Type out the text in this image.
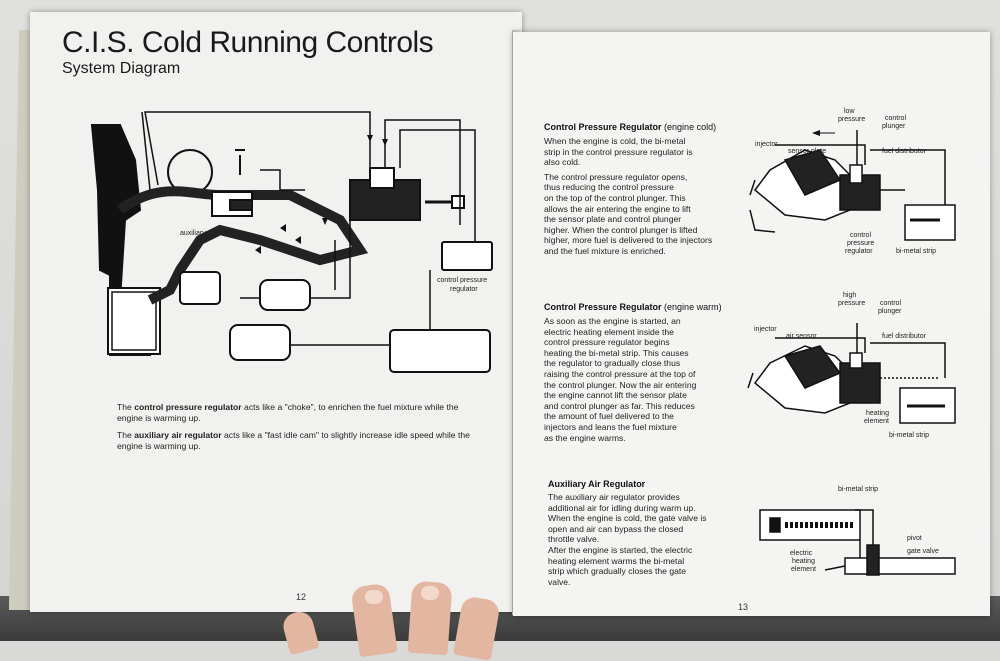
C.I.S. Cold Running Controls
System Diagram
auxiliary air regulator
control pressure
regulator
The control pressure regulator acts like a "choke", to enrichen the fuel mixture while the engine is warming up.
The auxiliary air regulator acts like a "fast idle cam" to slightly increase idle speed while the engine is warming up.
12
Control Pressure Regulator (engine cold)
When the engine is cold, the bi-metal
strip in the control pressure regulator is
also cold.
The control pressure regulator opens,
thus reducing the control pressure
on the top of the control plunger. This
allows the air entering the engine to lift
the sensor plate and control plunger
higher. When the control plunger is lifted
higher, more fuel is delivered to the injectors
and the fuel mixture is enriched.
low
pressure	control
plunger
injector
sensor plate	fuel distributor
control
pressure
regulator	bi-metal strip
Control Pressure Regulator (engine warm)
As soon as the engine is started, an
electric heating element inside the
control pressure regulator begins
heating the bi-metal strip. This causes
the regulator to gradually close thus
raising the control pressure at the top of
the control plunger. Now the air entering
the engine cannot lift the sensor plate
and control plunger as far. This reduces
the amount of fuel delivered to the
injectors and leans the fuel mixture
as the engine warms.
high
pressure control
plunger
injector
air sensor	fuel distributor
heating
element
bi-metal strip
Auxiliary Air Regulator
The auxiliary air regulator provides
additional air for idling during warm up.
When the engine is cold, the gate valve is
open and air can bypass the closed
throttle valve.
After the engine is started, the electric
heating element warms the bi-metal
strip which gradually closes the gate
valve.
bi-metal strip
pivot
gate valve
electric
heating
element
13
